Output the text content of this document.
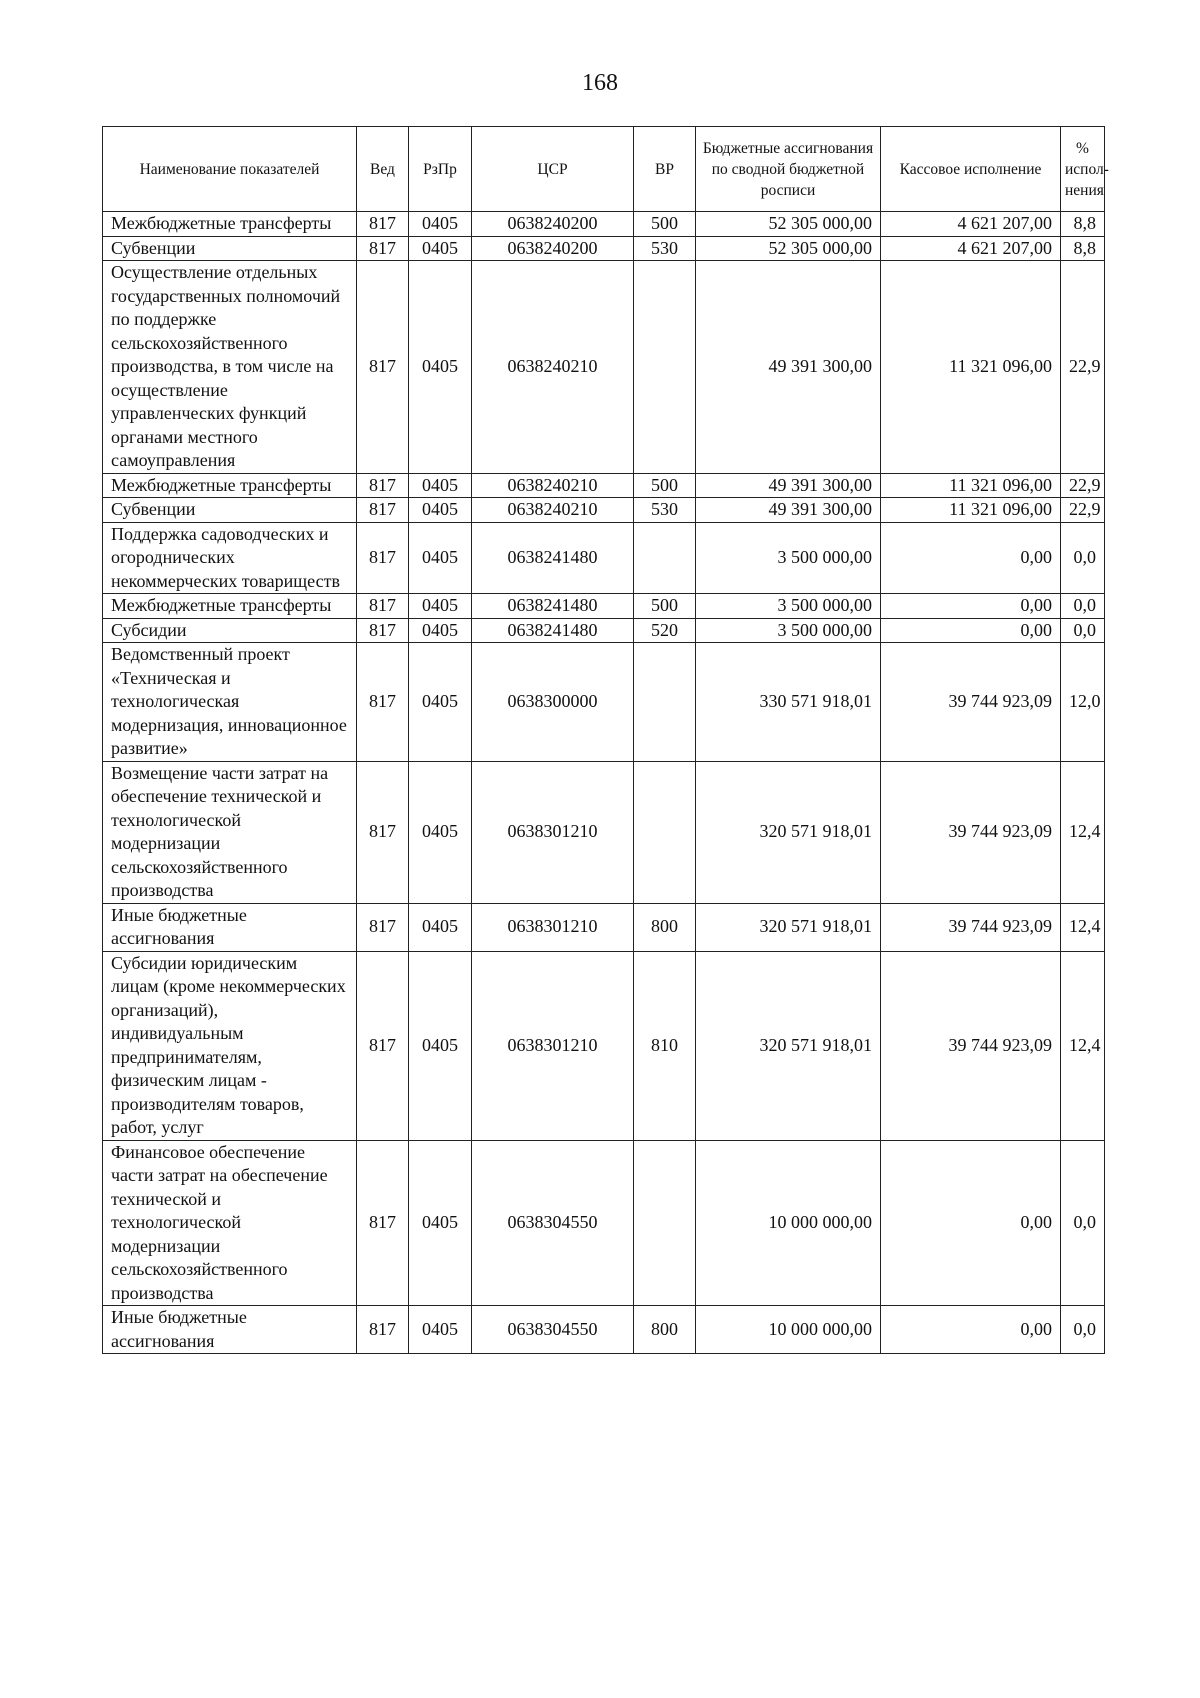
168
Наименование показателей	Вед	РзПр	ЦСР	ВР	Бюджетные ассигнования по сводной бюджетной росписи	Кассовое исполнение	% испол-нения
Межбюджетные трансферты	817	0405	0638240200	500	52 305 000,00	4 621 207,00	8,8
Субвенции	817	0405	0638240200	530	52 305 000,00	4 621 207,00	8,8
Осуществление отдельных государственных полномочий по поддержке сельскохозяйственного производства, в том числе на осуществление управленческих функций органами местного самоуправления	817	0405	0638240210		49 391 300,00	11 321 096,00	22,9
Межбюджетные трансферты	817	0405	0638240210	500	49 391 300,00	11 321 096,00	22,9
Субвенции	817	0405	0638240210	530	49 391 300,00	11 321 096,00	22,9
Поддержка садоводческих и огороднических некоммерческих товариществ	817	0405	0638241480		3 500 000,00	0,00	0,0
Межбюджетные трансферты	817	0405	0638241480	500	3 500 000,00	0,00	0,0
Субсидии	817	0405	0638241480	520	3 500 000,00	0,00	0,0
Ведомственный проект «Техническая и технологическая модернизация, инновационное развитие»	817	0405	0638300000		330 571 918,01	39 744 923,09	12,0
Возмещение части затрат на обеспечение технической и технологической модернизации сельскохозяйственного производства	817	0405	0638301210		320 571 918,01	39 744 923,09	12,4
Иные бюджетные ассигнования	817	0405	0638301210	800	320 571 918,01	39 744 923,09	12,4
Субсидии юридическим лицам (кроме некоммерческих организаций), индивидуальным предпринимателям, физическим лицам - производителям товаров, работ, услуг	817	0405	0638301210	810	320 571 918,01	39 744 923,09	12,4
Финансовое обеспечение части затрат на обеспечение технической и технологической модернизации сельскохозяйственного производства	817	0405	0638304550		10 000 000,00	0,00	0,0
Иные бюджетные ассигнования	817	0405	0638304550	800	10 000 000,00	0,00	0,0
